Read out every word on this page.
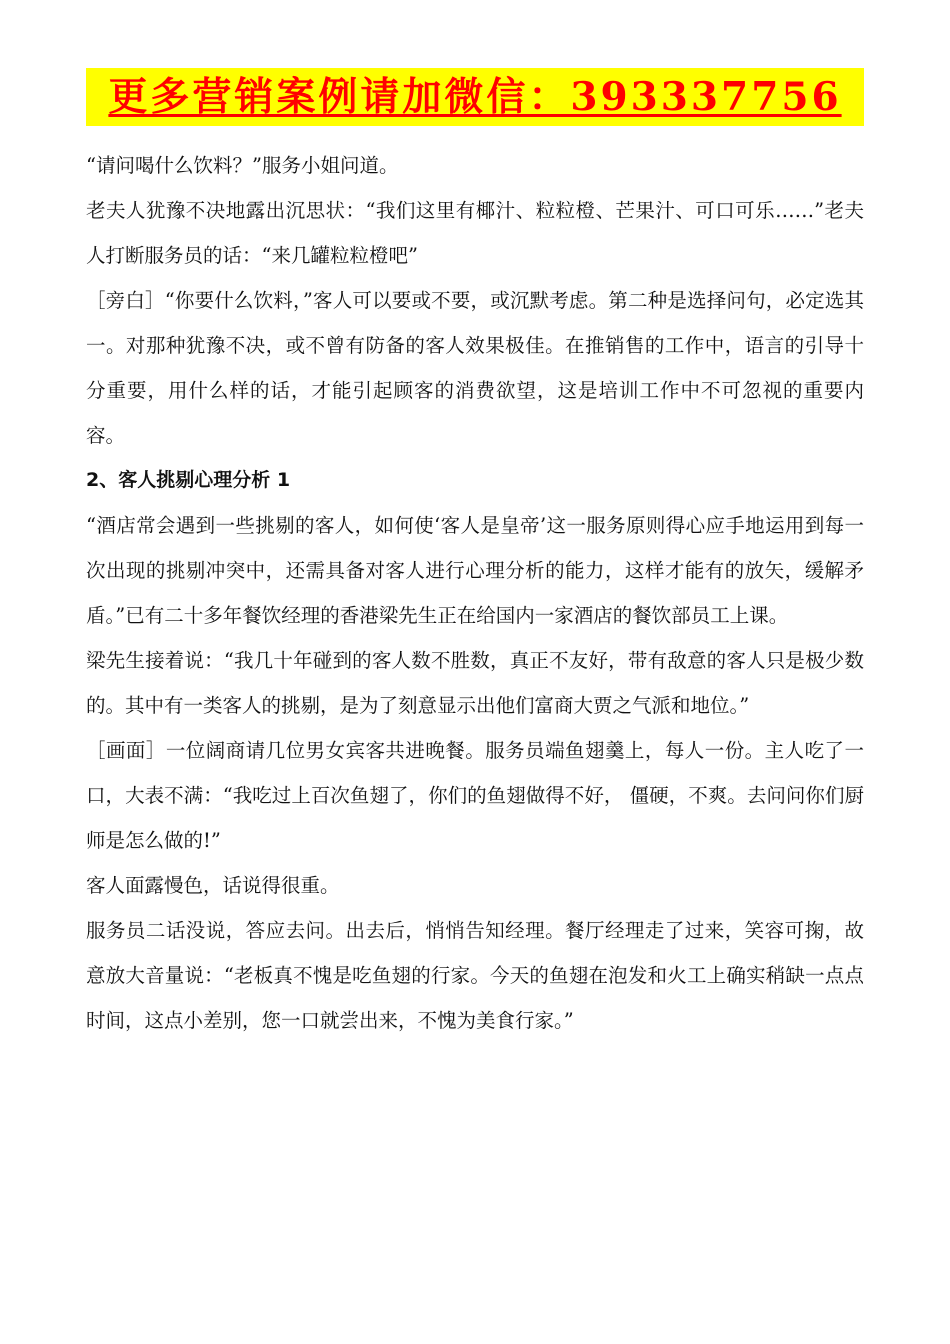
更多营销案例请加微信：393337756

“请问喝什么饮料？”服务小姐问道。

老夫人犹豫不决地露出沉思状：“我们这里有椰汁、粒粒橙、芒果汁、可口可乐……”老夫人打断服务员的话：“来几罐粒粒橙吧”

［旁白］“你要什么饮料，”客人可以要或不要，或沉默考虑。第二种是选择问句，必定选其一。对那种犹豫不决，或不曾有防备的客人效果极佳。在推销售的工作中，语言的引导十分重要，用什么样的话，才能引起顾客的消费欲望，这是培训工作中不可忽视的重要内容。

2、客人挑剔心理分析 1

“酒店常会遇到一些挑剔的客人，如何使‘客人是皇帝’这一服务原则得心应手地运用到每一次出现的挑剔冲突中，还需具备对客人进行心理分析的能力，这样才能有的放矢，缓解矛盾。”已有二十多年餐饮经理的香港梁先生正在给国内一家酒店的餐饮部员工上课。

梁先生接着说：“我几十年碰到的客人数不胜数，真正不友好，带有敌意的客人只是极少数的。其中有一类客人的挑剔，是为了刻意显示出他们富商大贾之气派和地位。”

［画面］一位阔商请几位男女宾客共进晚餐。服务员端鱼翅羹上，每人一份。主人吃了一口，大表不满：“我吃过上百次鱼翅了，你们的鱼翅做得不好， 僵硬，不爽。去问问你们厨师是怎么做的!”

客人面露慢色，话说得很重。

服务员二话没说，答应去问。出去后，悄悄告知经理。餐厅经理走了过来，笑容可掬，故意放大音量说：“老板真不愧是吃鱼翅的行家。今天的鱼翅在泡发和火工上确实稍缺一点点时间，这点小差别，您一口就尝出来，不愧为美食行家。”
